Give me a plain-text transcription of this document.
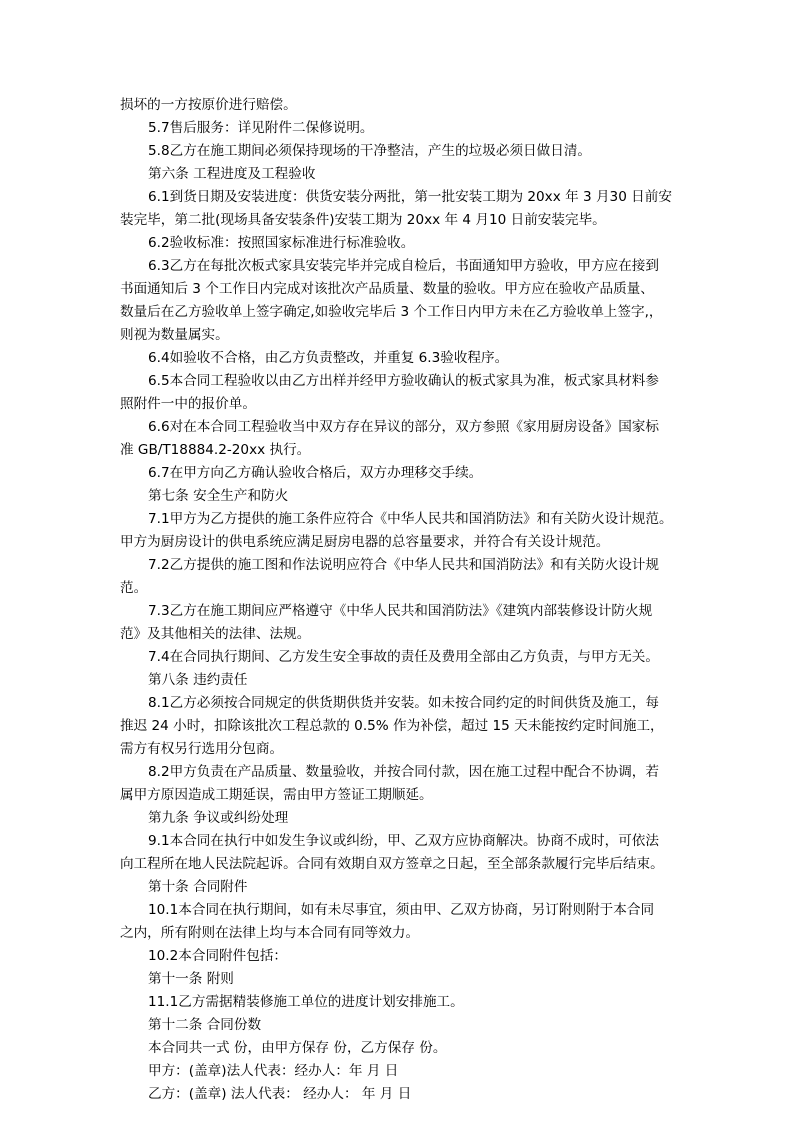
损坏的一方按原价进行赔偿。

5.7售后服务：详见附件二保修说明。

5.8乙方在施工期间必须保持现场的干净整洁，产生的垃圾必须日做日清。

第六条 工程进度及工程验收

6.1到货日期及安装进度：供货安装分两批，第一批安装工期为 20xx 年 3 月30 日前安

装完毕，第二批(现场具备安装条件)安装工期为 20xx 年 4 月10 日前安装完毕。

6.2验收标准：按照国家标准进行标准验收。

6.3乙方在每批次板式家具安装完毕并完成自检后，书面通知甲方验收，甲方应在接到

书面通知后 3 个工作日内完成对该批次产品质量、数量的验收。甲方应在验收产品质量、

数量后在乙方验收单上签字确定,如验收完毕后 3 个工作日内甲方未在乙方验收单上签字,，

则视为数量属实。

6.4如验收不合格，由乙方负责整改，并重复 6.3验收程序。

6.5本合同工程验收以由乙方出样并经甲方验收确认的板式家具为准，板式家具材料参

照附件一中的报价单。

6.6对在本合同工程验收当中双方存在异议的部分，双方参照《家用厨房设备》国家标

准 GB/T18884.2-20xx 执行。

6.7在甲方向乙方确认验收合格后，双方办理移交手续。

第七条 安全生产和防火

7.1甲方为乙方提供的施工条件应符合《中华人民共和国消防法》和有关防火设计规范。

甲方为厨房设计的供电系统应满足厨房电器的总容量要求，并符合有关设计规范。

7.2乙方提供的施工图和作法说明应符合《中华人民共和国消防法》和有关防火设计规

范。

7.3乙方在施工期间应严格遵守《中华人民共和国消防法》《建筑内部装修设计防火规

范》及其他相关的法律、法规。

7.4在合同执行期间、乙方发生安全事故的责任及费用全部由乙方负责，与甲方无关。

第八条 违约责任

8.1乙方必须按合同规定的供货期供货并安装。如未按合同约定的时间供货及施工，每

推迟 24 小时，扣除该批次工程总款的 0.5% 作为补偿，超过 15 天未能按约定时间施工，

需方有权另行选用分包商。

8.2甲方负责在产品质量、数量验收，并按合同付款，因在施工过程中配合不协调，若

属甲方原因造成工期延误，需由甲方签证工期顺延。

第九条 争议或纠纷处理

9.1本合同在执行中如发生争议或纠纷，甲、乙双方应协商解决。协商不成时，可依法

向工程所在地人民法院起诉。合同有效期自双方签章之日起，至全部条款履行完毕后结束。

第十条 合同附件

10.1本合同在执行期间，如有未尽事宜，须由甲、乙双方协商，另订附则附于本合同

之内，所有附则在法律上均与本合同有同等效力。

10.2本合同附件包括：

第十一条 附则

11.1乙方需据精装修施工单位的进度计划安排施工。

第十二条 合同份数

本合同共一式 份，由甲方保存 份，乙方保存 份。

甲方：(盖章)法人代表：经办人：年 月 日

乙方：(盖章) 法人代表： 经办人： 年 月 日
